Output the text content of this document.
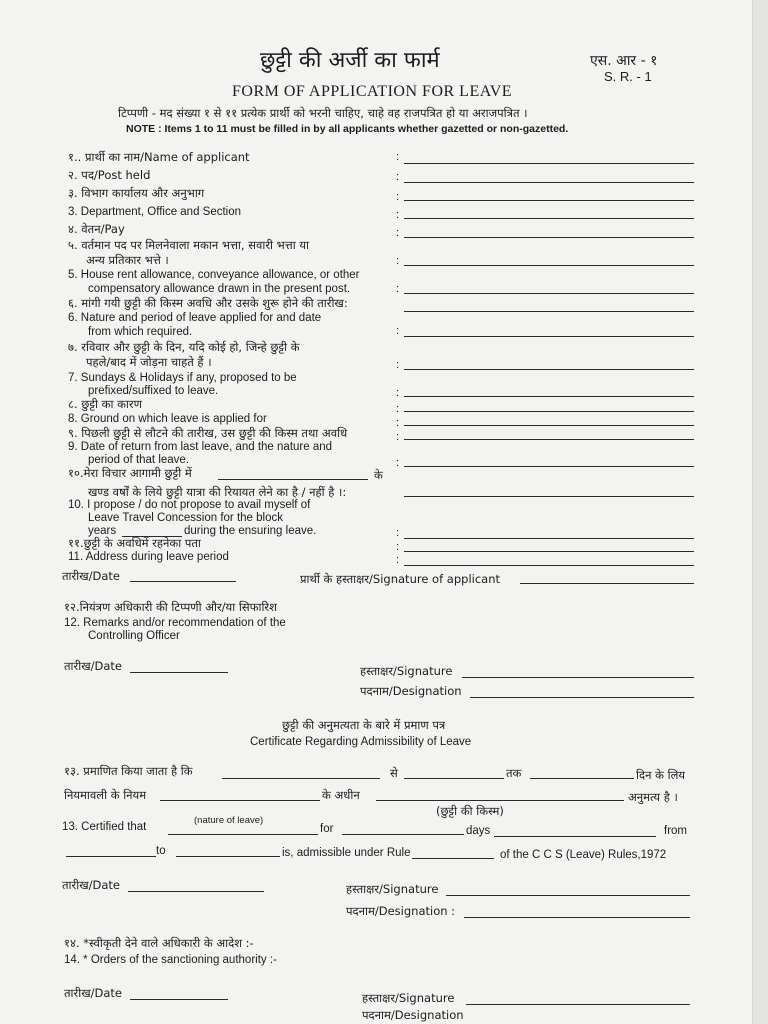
छुट्टी की अर्जी का फार्म
FORM OF APPLICATION FOR LEAVE
एस. आर - १
S. R. - 1
टिप्पणी - मद संख्या १ से ११ प्रत्येक प्रार्थी को भरनी चाहिए, चाहे वह राजपत्रित हो या अराजपत्रित ।
NOTE : Items 1 to 11 must be filled in by all applicants whether gazetted or non-gazetted.
१.. प्रार्थी का नाम/Name of applicant	:
२. पद/Post held	:
३. विभाग कार्यालय और अनुभाग	:
3. Department, Office and Section	:
४. वेतन/Pay	:
५. वर्तमान पद पर मिलनेवाला मकान भत्ता, सवारी भत्ता या
अन्य प्रतिकार भत्ते ।	:
5. House rent allowance, conveyance allowance, or other
compensatory allowance drawn in the present post.	:
६. मांगी गयी छुट्टी की किस्म अवधि और उसके शुरू होने की तारीख:
6. Nature and period of leave applied for and date
from which required.	:
७. रविवार और छुट्टी के दिन, यदि कोई हो, जिन्हे छुट्टी के
पहले/बाद में जोड़ना चाहते हैं ।	:
7. Sundays & Holidays if any, proposed to be
prefixed/suffixed to leave.	:
८. छुट्टी का कारण	:
8. Ground on which leave is applied for	:
९. पिछली छुट्टी से लौटने की तारीख, उस छुट्टी की किस्म तथा अवधि	:
9. Date of return from last leave, and the nature and
period of that leave.	:
१०.मेरा विचार आगामी छुट्टी में	के
खण्ड वर्षों के लिये छुट्टी यात्रा की रियायत लेने का है / नहीं है ।:
10. I propose / do not propose to avail myself of
Leave Travel Concession for the block
years	during the ensuring leave.	:
११.छुट्टी के अवधिमें रहनेका पता	:
11. Address during leave period	:
तारीख/Date	प्रार्थी के हस्ताक्षर/Signature of applicant
१२.नियंत्रण अधिकारी की टिप्पणी और/या सिफारिश
12. Remarks and/or recommendation of the
Controlling Officer
तारीख/Date	हस्ताक्षर/Signature
पदनाम/Designation
छुट्टी की अनुमत्यता के बारे में प्रमाण पत्र
Certificate Regarding Admissibility of Leave
१३. प्रमाणित किया जाता है कि	से	तक	दिन के लिय
नियमावली के नियम	के अधीन	अनुमत्य है ।
(छुट्टी की किस्म)
(nature of leave)
13. Certified that	for	days	from
to	is, admissible under Rule	of the C C S (Leave) Rules,1972
तारीख/Date	हस्ताक्षर/Signature
पदनाम/Designation :
१४. *स्वीकृती देने वाले अधिकारी के आदेश :-
14. * Orders of the sanctioning authority :-
तारीख/Date	हस्ताक्षर/Signature
पदनाम/Designation
